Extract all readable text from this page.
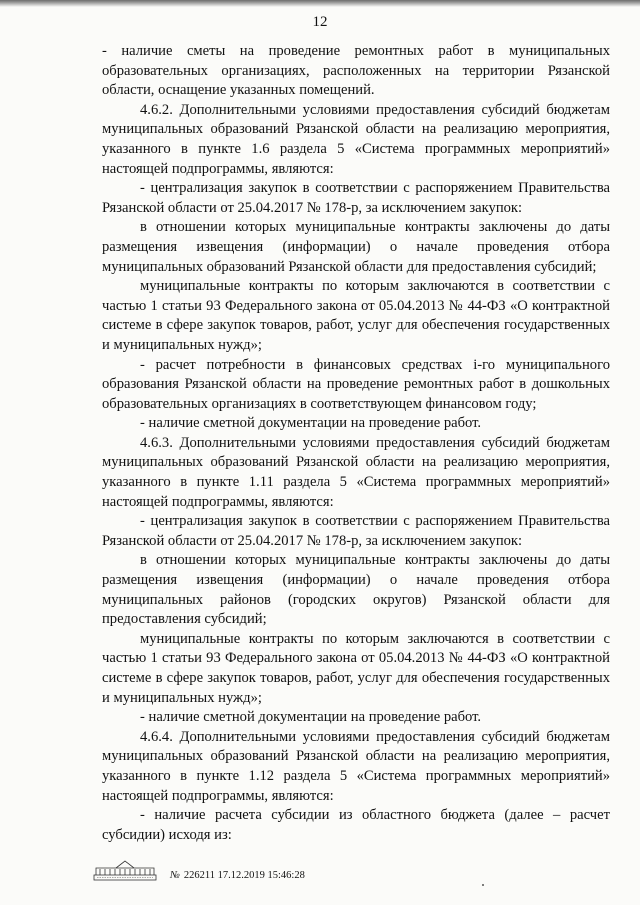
12

- наличие сметы на проведение ремонтных работ в муниципальных образовательных организациях, расположенных на территории Рязанской области, оснащение указанных помещений.

4.6.2. Дополнительными условиями предоставления субсидий бюджетам муниципальных образований Рязанской области на реализацию мероприятия, указанного в пункте 1.6 раздела 5 «Система программных мероприятий» настоящей подпрограммы, являются:

- централизация закупок в соответствии с распоряжением Правительства Рязанской области от 25.04.2017 № 178-р, за исключением закупок:

в отношении которых муниципальные контракты заключены до даты размещения извещения (информации) о начале проведения отбора муниципальных образований Рязанской области для предоставления субсидий;

муниципальные контракты по которым заключаются в соответствии с частью 1 статьи 93 Федерального закона от 05.04.2013 № 44-ФЗ «О контрактной системе в сфере закупок товаров, работ, услуг для обеспечения государственных и муниципальных нужд»;

- расчет потребности в финансовых средствах i-го муниципального образования Рязанской области на проведение ремонтных работ в дошкольных образовательных организациях в соответствующем финансовом году;

- наличие сметной документации на проведение работ.

4.6.3. Дополнительными условиями предоставления субсидий бюджетам муниципальных образований Рязанской области на реализацию мероприятия, указанного в пункте 1.11 раздела 5 «Система программных мероприятий» настоящей подпрограммы, являются:

- централизация закупок в соответствии с распоряжением Правительства Рязанской области от 25.04.2017 № 178-р, за исключением закупок:

в отношении которых муниципальные контракты заключены до даты размещения извещения (информации) о начале проведения отбора муниципальных районов (городских округов) Рязанской области для предоставления субсидий;

муниципальные контракты по которым заключаются в соответствии с частью 1 статьи 93 Федерального закона от 05.04.2013 № 44-ФЗ «О контрактной системе в сфере закупок товаров, работ, услуг для обеспечения государственных и муниципальных нужд»;

- наличие сметной документации на проведение работ.

4.6.4. Дополнительными условиями предоставления субсидий бюджетам муниципальных образований Рязанской области на реализацию мероприятия, указанного в пункте 1.12 раздела 5 «Система программных мероприятий» настоящей подпрограммы, являются:

- наличие расчета субсидии из областного бюджета (далее – расчет субсидии) исходя из:

№ 226211 17.12.2019 15:46:28
